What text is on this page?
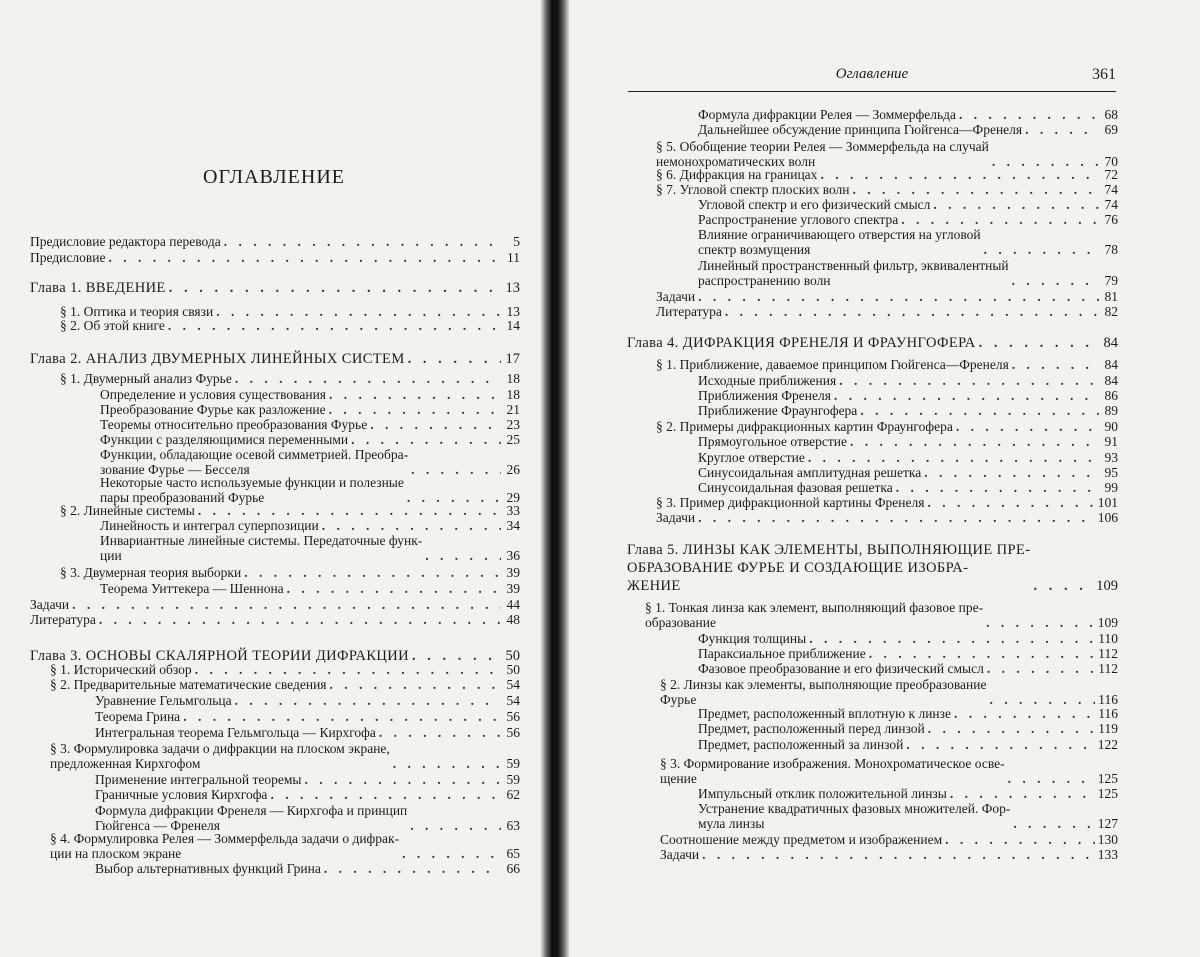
ОГЛАВЛЕНИЕ
Предисловие редактора перевода . . .	5
Предисловие . . .	11
Глава 1. ВВЕДЕНИЕ . . .	13
§ 1. Оптика и теория связи . . .	13
§ 2. Об этой книге . . .	14
Глава 2. АНАЛИЗ ДВУМЕРНЫХ ЛИНЕЙНЫХ СИСТЕМ . . .	17
§ 1. Двумерный анализ Фурье . . .	18
Определение и условия существования . . .	18
Преобразование Фурье как разложение . . .	21
Теоремы относительно преобразования Фурье . . .	23
Функции с разделяющимися переменными . . .	25
Функции, обладающие осевой симметрией. Преобра-
зование Фурье — Бесселя . . .	26
Некоторые часто используемые функции и полезные
пары преобразований Фурье . . .	29
§ 2. Линейные системы . . .	33
Линейность и интеграл суперпозиции . . .	34
Инвариантные линейные системы. Передаточные функ-
ции . . .	36
§ 3. Двумерная теория выборки . . .	39
Теорема Уиттекера — Шеннона . . .	39
Задачи . . .	44
Литература . . .	48
Глава 3. ОСНОВЫ СКАЛЯРНОЙ ТЕОРИИ ДИФРАКЦИИ . . .	50
§ 1. Исторический обзор . . .	50
§ 2. Предварительные математические сведения . . .	54
Уравнение Гельмгольца . . .	54
Теорема Грина . . .	56
Интегральная теорема Гельмгольца — Кирхгофа . . .	56
§ 3. Формулировка задачи о дифракции на плоском экране,
предложенная Кирхгофом . . .	59
Применение интегральной теоремы . . .	59
Граничные условия Кирхгофа . . .	62
Формула дифракции Френеля — Кирхгофа и принцип
Гюйгенса — Френеля . . .	63
§ 4. Формулировка Релея — Зоммерфельда задачи о дифрак-
ции на плоском экране . . .	65
Выбор альтернативных функций Грина . . .	66
Формула дифракции Релея — Зоммерфельда . . .	68
Дальнейшее обсуждение принципа Гюйгенса—Френеля . . .	69
§ 5. Обобщение теории Релея — Зоммерфельда на случай
немонохроматических волн . . .	70
§ 6. Дифракция на границах . . .	72
§ 7. Угловой спектр плоских волн . . .	74
Угловой спектр и его физический смысл . . .	74
Распространение углового спектра . . .	76
Влияние ограничивающего отверстия на угловой
спектр возмущения . . .	78
Линейный пространственный фильтр, эквивалентный
распространению волн . . .	79
Задачи . . .	81
Литература . . .	82
Глава 4. ДИФРАКЦИЯ ФРЕНЕЛЯ И ФРАУНГОФЕРА . . .	84
§ 1. Приближение, даваемое принципом Гюйгенса—Френеля . . .	84
Исходные приближения . . .	84
Приближения Френеля . . .	86
Приближение Фраунгофера . . .	89
§ 2. Примеры дифракционных картин Фраунгофера . . .	90
Прямоугольное отверстие . . .	91
Круглое отверстие . . .	93
Синусоидальная амплитудная решетка . . .	95
Синусоидальная фазовая решетка . . .	99
§ 3. Пример дифракционной картины Френеля . . .	101
Задачи . . .	106
Глава 5. ЛИНЗЫ КАК ЭЛЕМЕНТЫ, ВЫПОЛНЯЮЩИЕ ПРЕ-
ОБРАЗОВАНИЕ ФУРЬЕ И СОЗДАЮЩИЕ ИЗОБРА-
ЖЕНИЕ . . .	109
§ 1. Тонкая линза как элемент, выполняющий фазовое пре-
образование . . .	109
Функция толщины . . .	110
Параксиальное приближение . . .	112
Фазовое преобразование и его физический смысл . . .	112
§ 2. Линзы как элементы, выполняющие преобразование
Фурье . . .	116
Предмет, расположенный вплотную к линзе . . .	116
Предмет, расположенный перед линзой . . .	119
Предмет, расположенный за линзой . . .	122
§ 3. Формирование изображения. Монохроматическое осве-
щение . . .	125
Импульсный отклик положительной линзы . . .	125
Устранение квадратичных фазовых множителей. Фор-
мула линзы . . .	127
Соотношение между предметом и изображением . . .	130
Задачи . . .	133
Оглавление	361
